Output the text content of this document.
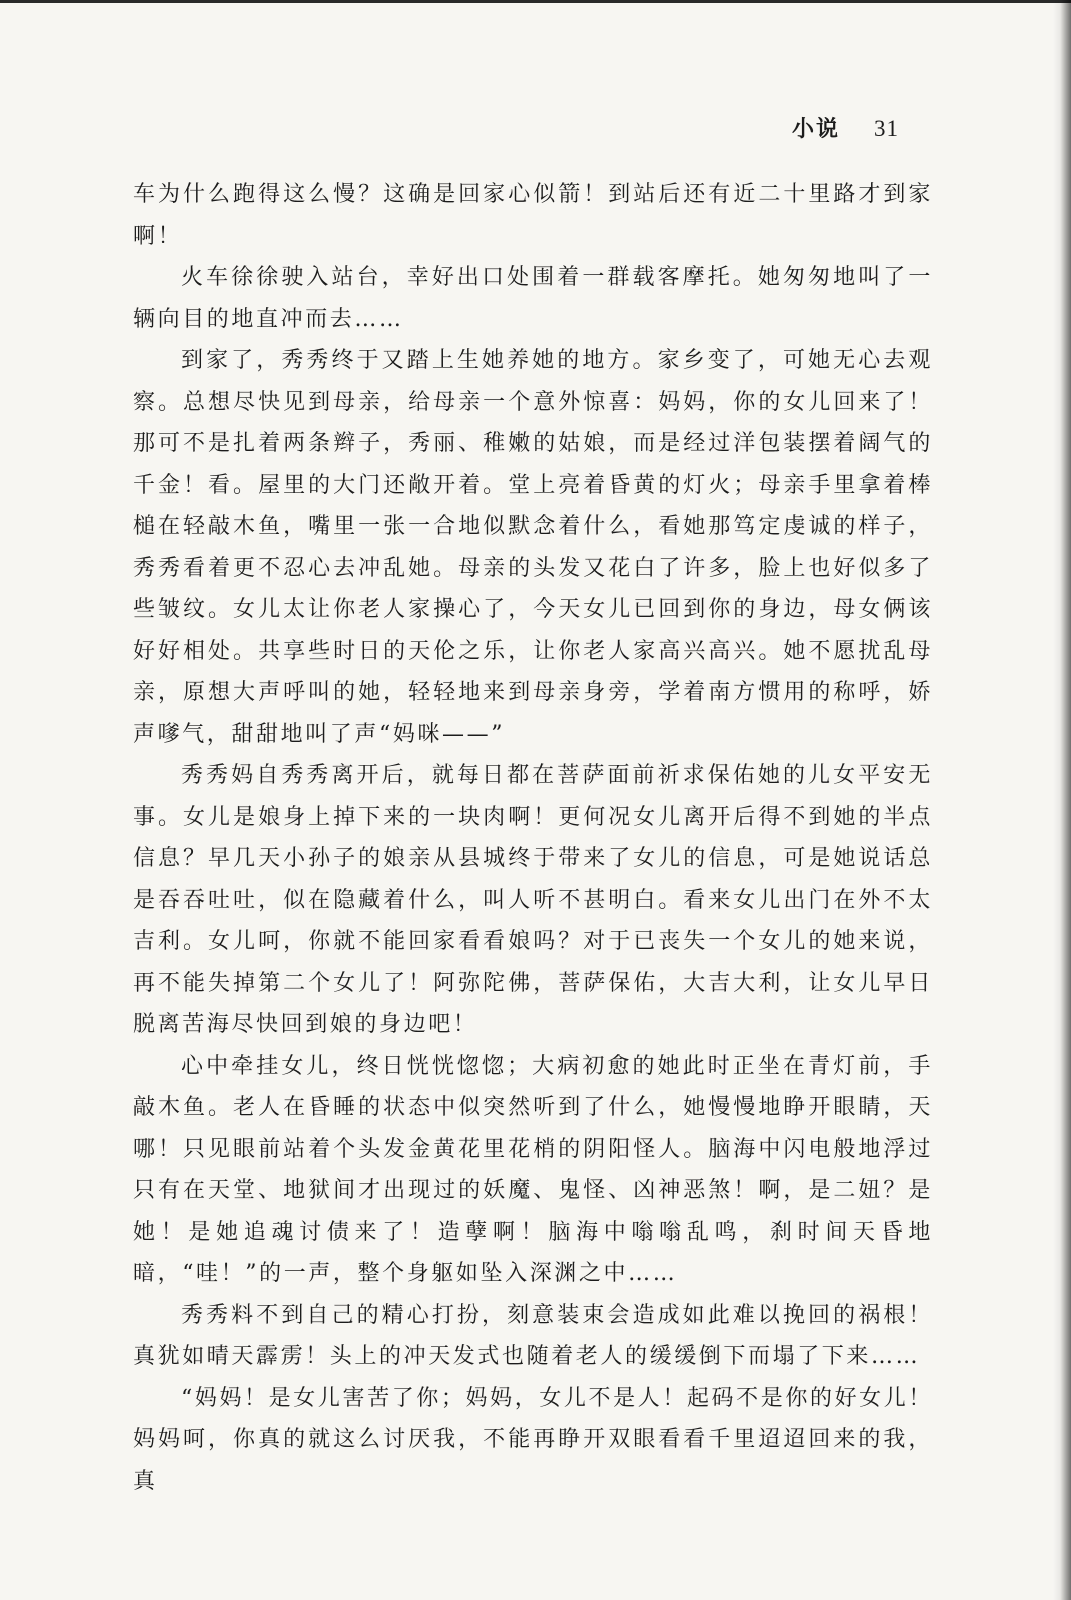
小说 31

车为什么跑得这么慢？这确是回家心似箭！到站后还有近二十里路才到家啊！

火车徐徐驶入站台，幸好出口处围着一群载客摩托。她匆匆地叫了一辆向目的地直冲而去……

到家了，秀秀终于又踏上生她养她的地方。家乡变了，可她无心去观察。总想尽快见到母亲，给母亲一个意外惊喜：妈妈，你的女儿回来了！那可不是扎着两条辫子，秀丽、稚嫩的姑娘，而是经过洋包装摆着阔气的千金！看。屋里的大门还敞开着。堂上亮着昏黄的灯火；母亲手里拿着棒槌在轻敲木鱼，嘴里一张一合地似默念着什么，看她那笃定虔诚的样子，秀秀看着更不忍心去冲乱她。母亲的头发又花白了许多，脸上也好似多了些皱纹。女儿太让你老人家操心了，今天女儿已回到你的身边，母女俩该好好相处。共享些时日的天伦之乐，让你老人家高兴高兴。她不愿扰乱母亲，原想大声呼叫的她，轻轻地来到母亲身旁，学着南方惯用的称呼，娇声嗲气，甜甜地叫了声“妈咪——”

秀秀妈自秀秀离开后，就每日都在菩萨面前祈求保佑她的儿女平安无事。女儿是娘身上掉下来的一块肉啊！更何况女儿离开后得不到她的半点信息？早几天小孙子的娘亲从县城终于带来了女儿的信息，可是她说话总是吞吞吐吐，似在隐藏着什么，叫人听不甚明白。看来女儿出门在外不太吉利。女儿呵，你就不能回家看看娘吗？对于已丧失一个女儿的她来说，再不能失掉第二个女儿了！阿弥陀佛，菩萨保佑，大吉大利，让女儿早日脱离苦海尽快回到娘的身边吧！

心中牵挂女儿，终日恍恍惚惚；大病初愈的她此时正坐在青灯前，手敲木鱼。老人在昏睡的状态中似突然听到了什么，她慢慢地睁开眼睛，天哪！只见眼前站着个头发金黄花里花梢的阴阳怪人。脑海中闪电般地浮过只有在天堂、地狱间才出现过的妖魔、鬼怪、凶神恶煞！啊，是二妞？是她！是她追魂讨债来了！造孽啊！脑海中嗡嗡乱鸣，刹时间天昏地暗，“哇！”的一声，整个身躯如坠入深渊之中……

秀秀料不到自己的精心打扮，刻意装束会造成如此难以挽回的祸根！真犹如晴天霹雳！头上的冲天发式也随着老人的缓缓倒下而塌了下来……

“妈妈！是女儿害苦了你；妈妈，女儿不是人！起码不是你的好女儿！妈妈呵，你真的就这么讨厌我，不能再睁开双眼看看千里迢迢回来的我，真
